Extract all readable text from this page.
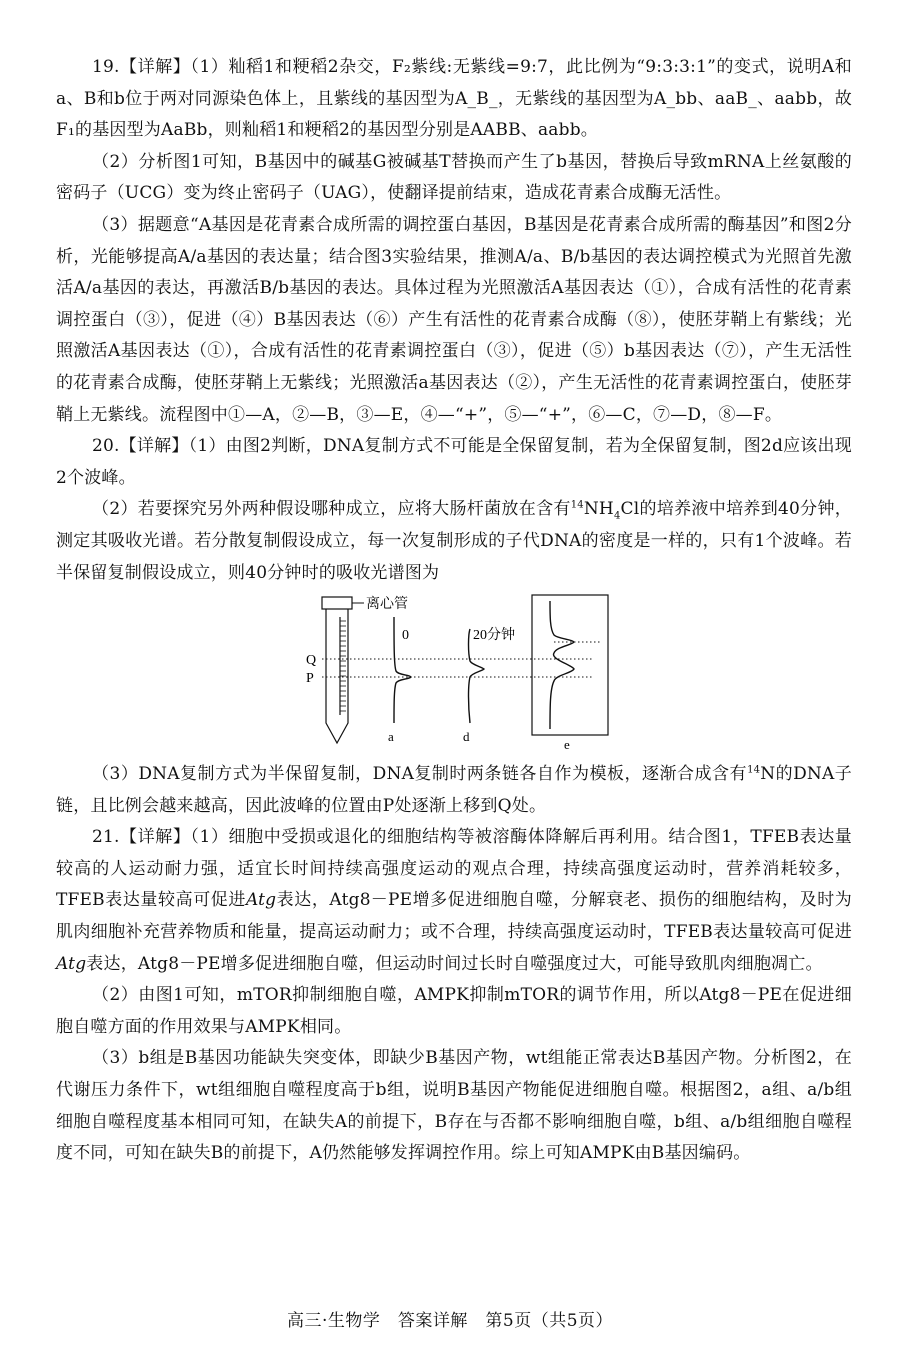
19.【详解】（1）籼稻1和粳稻2杂交，F₂紫线:无紫线=9:7，此比例为“9:3:3:1”的变式，说明A和a、B和b位于两对同源染色体上，且紫线的基因型为A_B_，无紫线的基因型为A_bb、aaB_、aabb，故F₁的基因型为AaBb，则籼稻1和粳稻2的基因型分别是AABB、aabb。

（2）分析图1可知，B基因中的碱基G被碱基T替换而产生了b基因，替换后导致mRNA上丝氨酸的密码子（UCG）变为终止密码子（UAG），使翻译提前结束，造成花青素合成酶无活性。

（3）据题意“A基因是花青素合成所需的调控蛋白基因，B基因是花青素合成所需的酶基因”和图2分析，光能够提高A/a基因的表达量；结合图3实验结果，推测A/a、B/b基因的表达调控模式为光照首先激活A/a基因的表达，再激活B/b基因的表达。具体过程为光照激活A基因表达（①），合成有活性的花青素调控蛋白（③），促进（④）B基因表达（⑥）产生有活性的花青素合成酶（⑧），使胚芽鞘上有紫线；光照激活A基因表达（①），合成有活性的花青素调控蛋白（③），促进（⑤）b基因表达（⑦），产生无活性的花青素合成酶，使胚芽鞘上无紫线；光照激活a基因表达（②），产生无活性的花青素调控蛋白，使胚芽鞘上无紫线。流程图中①—A，②—B，③—E，④—“+”，⑤—“+”，⑥—C，⑦—D，⑧—F。

20.【详解】（1）由图2判断，DNA复制方式不可能是全保留复制，若为全保留复制，图2d应该出现2个波峰。

（2）若要探究另外两种假设哪种成立，应将大肠杆菌放在含有$^{14}NH_4Cl$的培养液中培养到40分钟，测定其吸收光谱。若分散复制假设成立，每一次复制形成的子代DNA的密度是一样的，只有1个波峰。若半保留复制假设成立，则40分钟时的吸收光谱图为

离心管
Q
P
0
a
20分钟
d
e

（3）DNA复制方式为半保留复制，DNA复制时两条链各自作为模板，逐渐合成含有$^{14}$N的DNA子链，且比例会越来越高，因此波峰的位置由P处逐渐上移到Q处。

21.【详解】（1）细胞中受损或退化的细胞结构等被溶酶体降解后再利用。结合图1，TFEB表达量较高的人运动耐力强，适宜长时间持续高强度运动的观点合理，持续高强度运动时，营养消耗较多，TFEB表达量较高可促进Atg表达，Atg8－PE增多促进细胞自噬，分解衰老、损伤的细胞结构，及时为肌肉细胞补充营养物质和能量，提高运动耐力；或不合理，持续高强度运动时，TFEB表达量较高可促进Atg表达，Atg8－PE增多促进细胞自噬，但运动时间过长时自噬强度过大，可能导致肌肉细胞凋亡。

（2）由图1可知，mTOR抑制细胞自噬，AMPK抑制mTOR的调节作用，所以Atg8－PE在促进细胞自噬方面的作用效果与AMPK相同。

（3）b组是B基因功能缺失突变体，即缺少B基因产物，wt组能正常表达B基因产物。分析图2，在代谢压力条件下，wt组细胞自噬程度高于b组，说明B基因产物能促进细胞自噬。根据图2，a组、a/b组细胞自噬程度基本相同可知，在缺失A的前提下，B存在与否都不影响细胞自噬，b组、a/b组细胞自噬程度不同，可知在缺失B的前提下，A仍然能够发挥调控作用。综上可知AMPK由B基因编码。

高三·生物学　答案详解　第5页（共5页）
